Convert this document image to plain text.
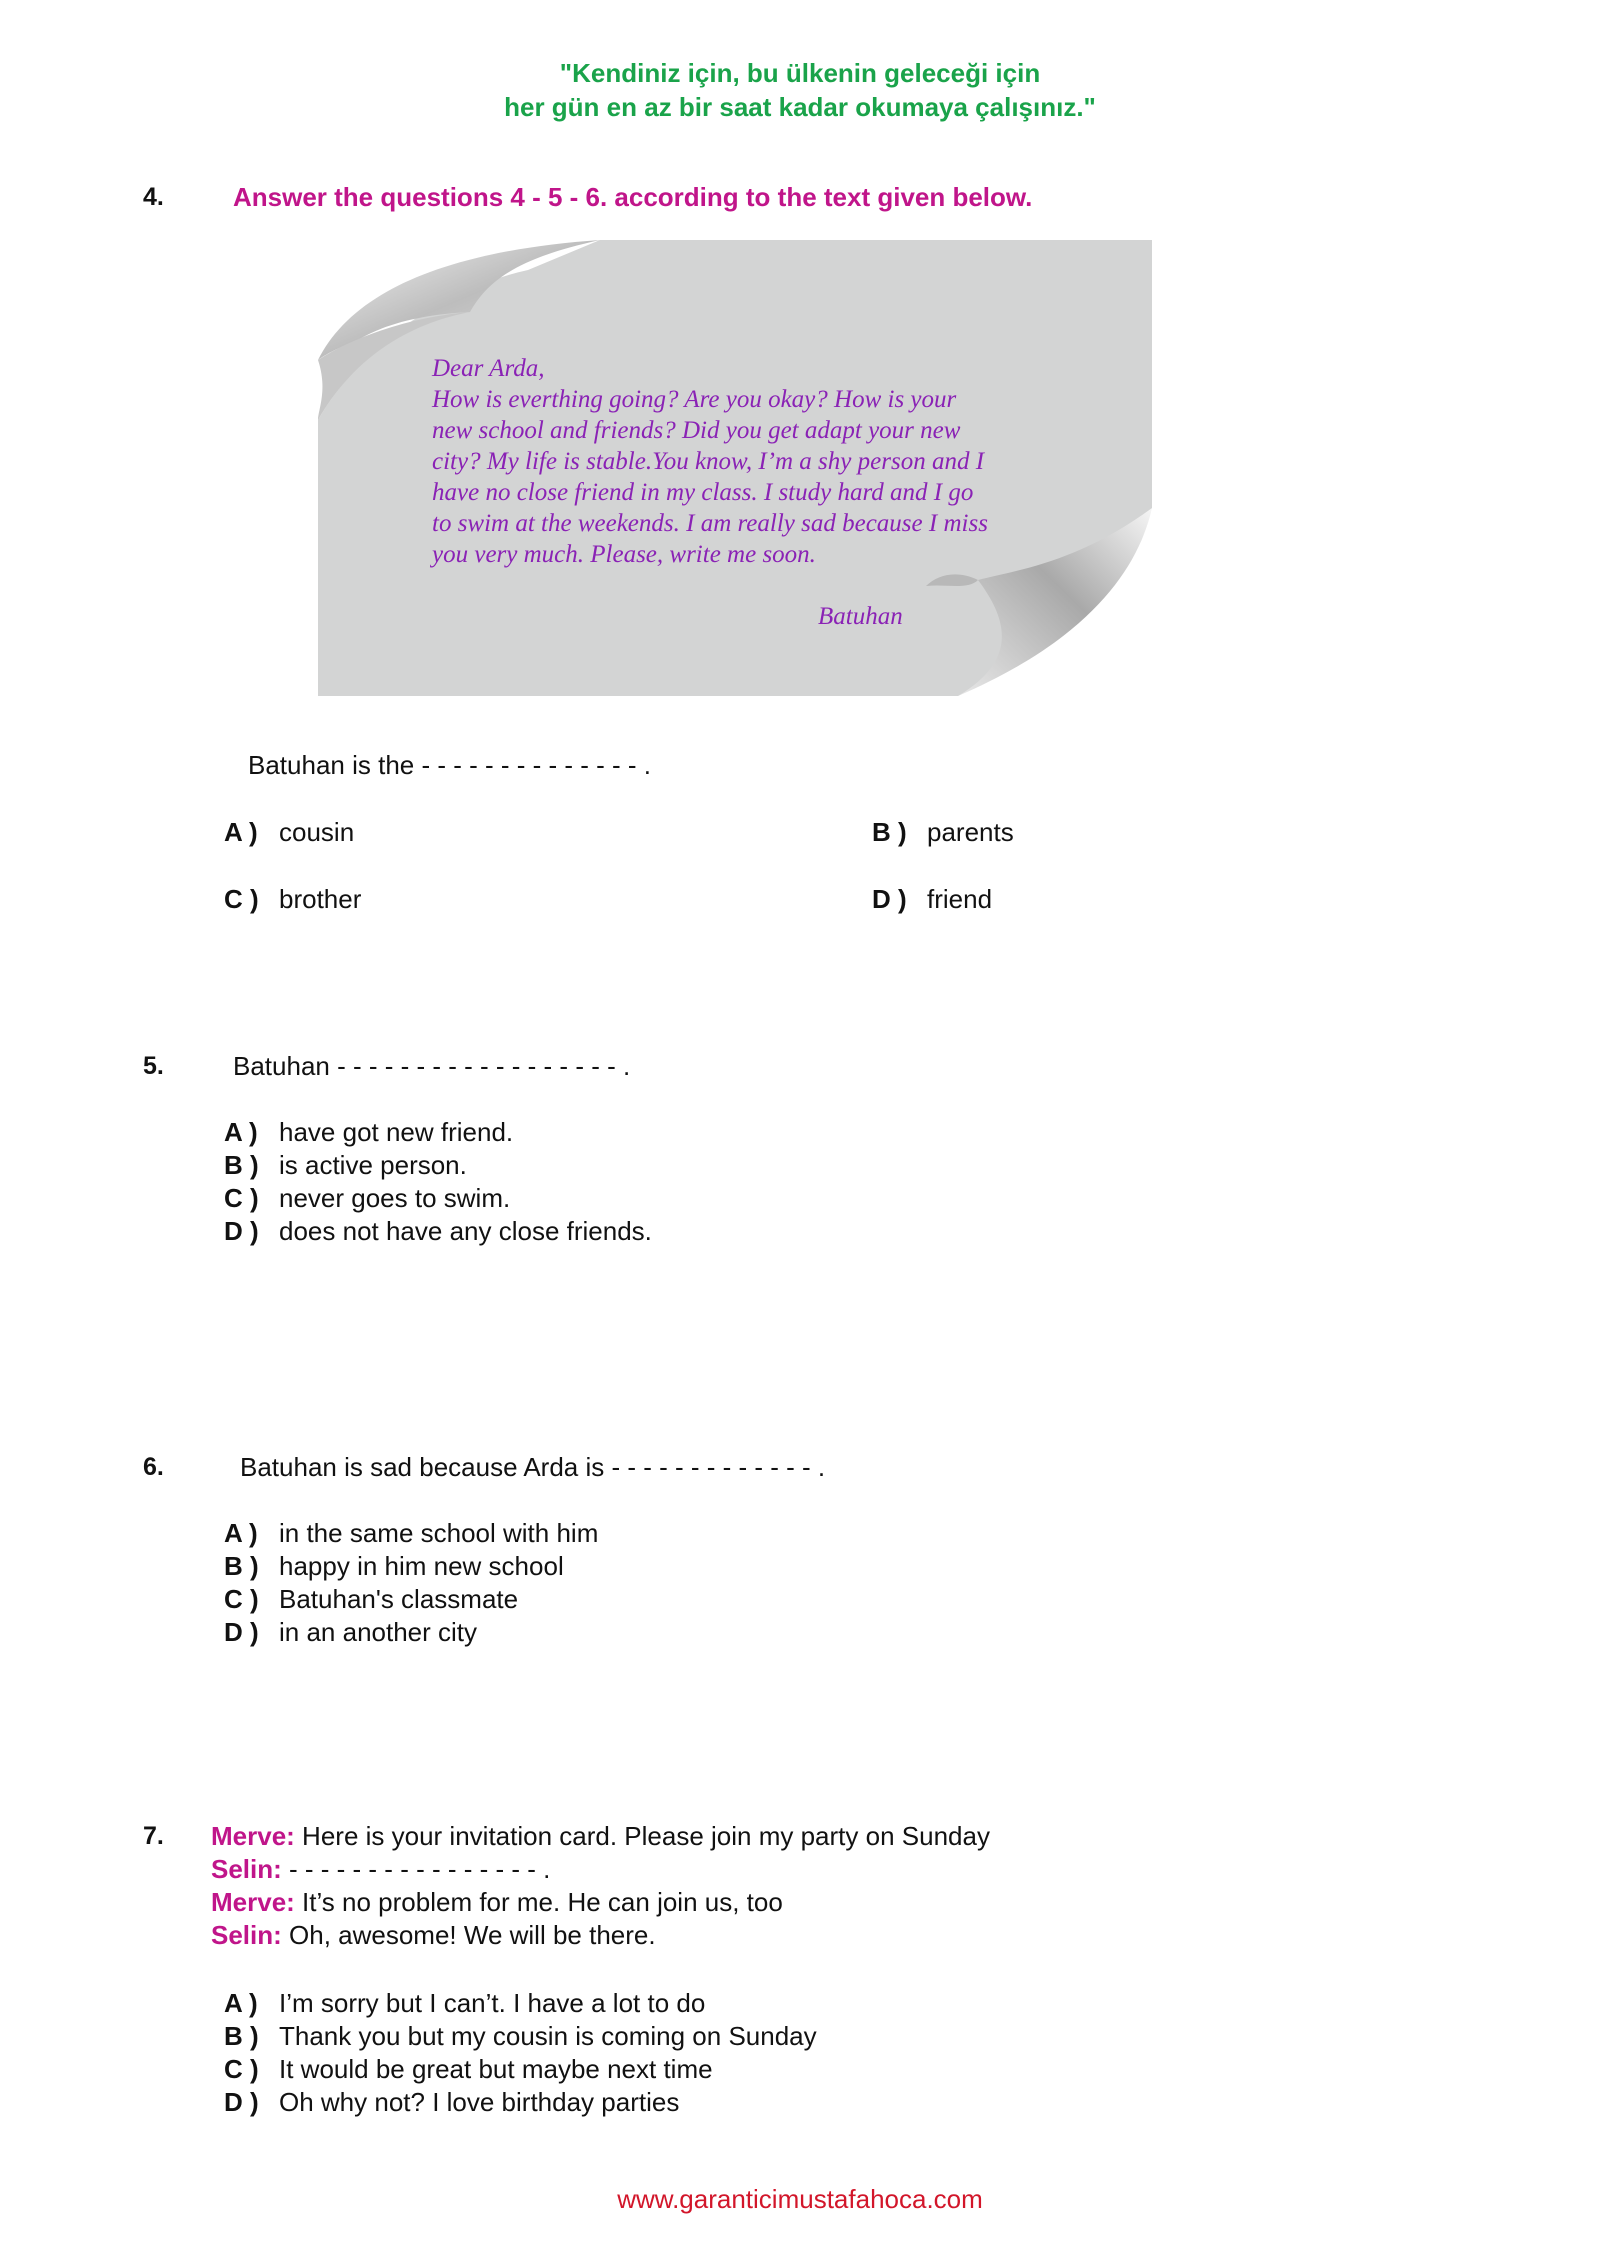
"Kendiniz için, bu ülkenin geleceği için
her gün en az bir saat kadar okumaya çalışınız."
4.	Answer the questions 4 - 5 - 6. according to the text given below.
Dear Arda,
How is everthing going? Are you okay? How is your
new school and friends? Did you get adapt your new
city? My life is stable.You know, I’m a shy person and I
have no close friend in my class. I study hard and I go
to swim at the weekends. I am really sad because I miss
you very much. Please, write me soon.
Batuhan
Batuhan is the - - - - - - - - - - - - - - .
A ) cousin	B ) parents
C ) brother	D ) friend
5.	Batuhan - - - - - - - - - - - - - - - - - - .
A ) have got new friend.
B ) is active person.
C ) never goes to swim.
D ) does not have any close friends.
6.	Batuhan is sad because Arda is - - - - - - - - - - - - - .
A ) in the same school with him
B ) happy in him new school
C ) Batuhan's classmate
D ) in an another city
7. Merve: Here is your invitation card. Please join my party on Sunday
Selin: - - - - - - - - - - - - - - - - .
Merve: It’s no problem for me. He can join us, too
Selin: Oh, awesome! We will be there.
A ) I’m sorry but I can’t. I have a lot to do
B ) Thank you but my cousin is coming on Sunday
C ) It would be great but maybe next time
D ) Oh why not? I love birthday parties
www.garanticimustafahoca.com
